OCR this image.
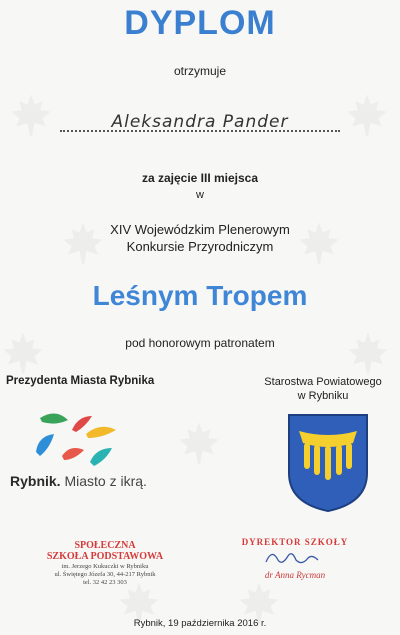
DYPLOM
otrzymuje
Aleksandra Pander
za zajęcie III miejsca
w
XIV Wojewódzkim Plenerowym
Konkursie Przyrodniczym
Leśnym Tropem
pod honorowym patronatem
Prezydenta Miasta Rybnika	Starostwa Powiatowego
w Rybniku
Rybnik. Miasto z ikrą.
SPOŁECZNA
SZKOŁA PODSTAWOWA
im. Jerzego Kukuczki w Rybniku
ul. Świętego Józefa 30, 44-217 Rybnik
tel. 32 42 23 303
DYREKTOR SZKOŁY
dr Anna Rycman
Rybnik, 19 października 2016 r.
